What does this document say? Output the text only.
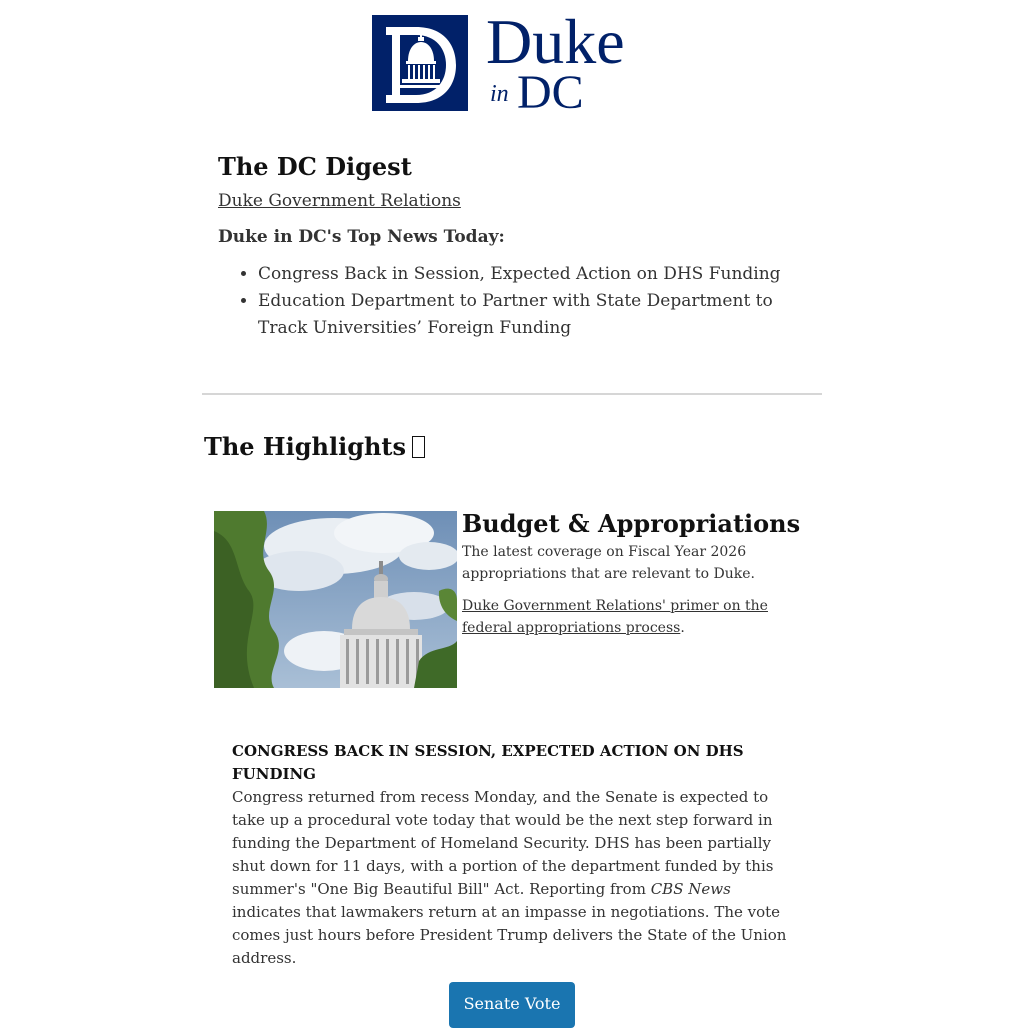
Duke
in DC
The DC Digest
Duke Government Relations
Duke in DC's Top News Today:
• Congress Back in Session, Expected Action on DHS Funding
• Education Department to Partner with State Department to Track Universities’ Foreign Funding
The Highlights
Budget & Appropriations

The latest coverage on Fiscal Year 2026 appropriations that are relevant to Duke.

Duke Government Relations' primer on the federal appropriations process.

CONGRESS BACK IN SESSION, EXPECTED ACTION ON DHS FUNDING

Congress returned from recess Monday, and the Senate is expected to take up a procedural vote today that would be the next step forward in funding the Department of Homeland Security. DHS has been partially shut down for 11 days, with a portion of the department funded by this summer's "One Big Beautiful Bill" Act. Reporting from CBS News indicates that lawmakers return at an impasse in negotiations. The vote comes just hours before President Trump delivers the State of the Union address.

Senate Vote
